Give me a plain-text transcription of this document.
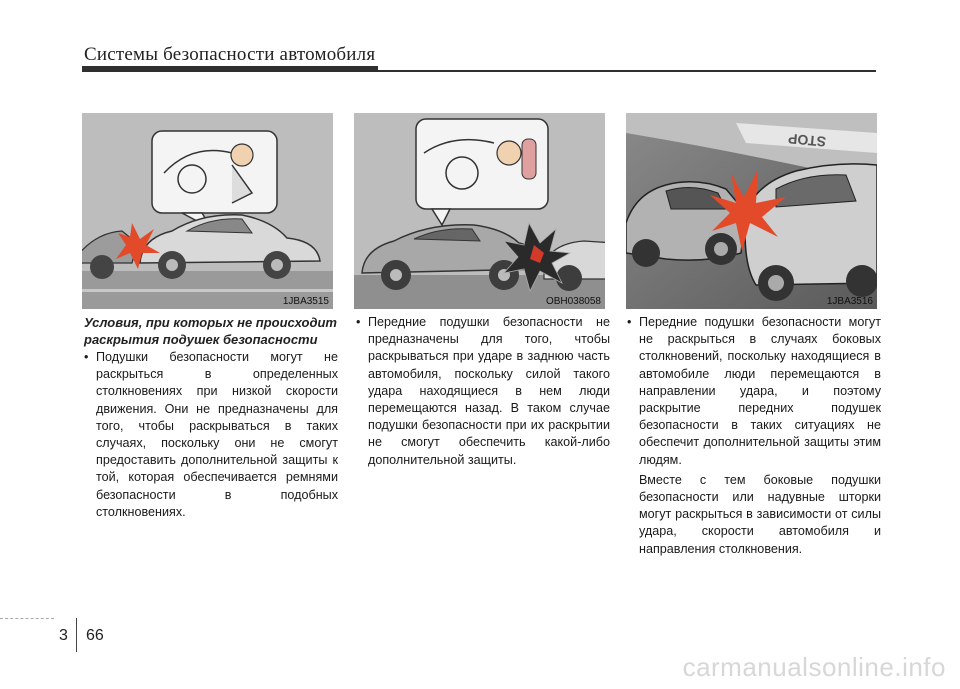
Системы безопасности автомобиля
1JBA3515	OBH038058
STOP
1JBA3516
Условия, при которых не происходит раскрытия подушек безопасности
• Подушки безопасности могут не раскрыться в определенных столкновениях при низкой скорости движения. Они не предназначены для того, чтобы раскрываться в таких случаях, поскольку они не смогут предоставить дополнительной защиты к той, которая обеспечивается ремнями безопасности в подобных столкновениях.
• Передние подушки безопасности не предназначены для того, чтобы раскрываться при ударе в заднюю часть автомобиля, поскольку силой такого удара находящиеся в нем люди перемещаются назад. В таком случае подушки безопасности при их раскрытии не смогут обеспечить какой-либо дополнительной защиты.
• Передние подушки безопасности могут не раскрыться в случаях боковых столкновений, поскольку находящиеся в автомобиле люди перемещаются в направлении удара, и поэтому раскрытие передних подушек безопасности в таких ситуациях не обеспечит дополнительной защиты этим людям.
Вместе с тем боковые подушки безопасности или надувные шторки могут раскрыться в зависимости от силы удара, скорости автомобиля и направления столкновения.
3 66
carmanualsonline.info
